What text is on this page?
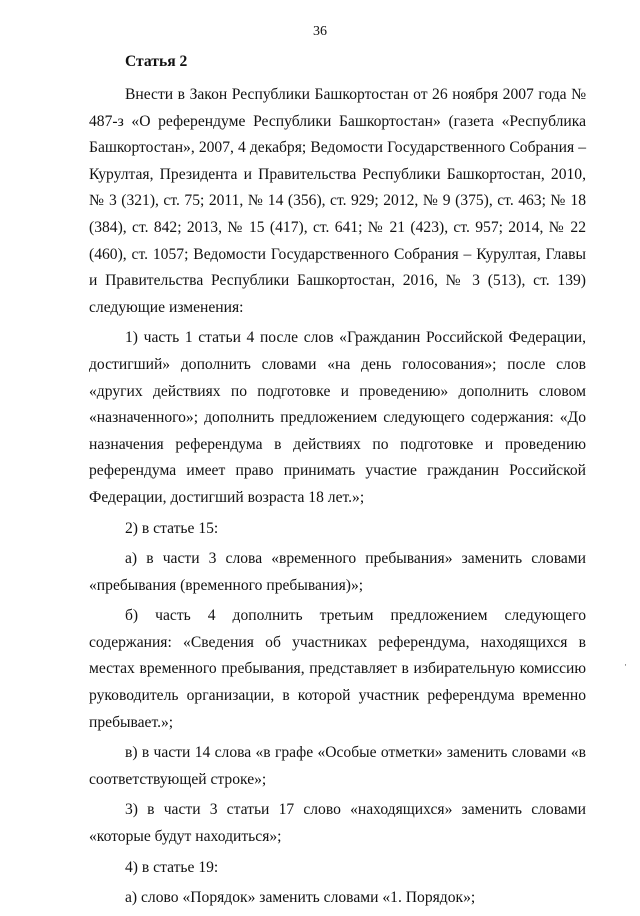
36
Статья 2

Внести в Закон Республики Башкортостан от 26 ноября 2007 года № 487-з «О референдуме Республики Башкортостан» (газета «Республика Башкортостан», 2007, 4 декабря; Ведомости Государственного Собрания – Курултая, Президента и Правительства Республики Башкортостан, 2010, № 3 (321), ст. 75; 2011, № 14 (356), ст. 929; 2012, № 9 (375), ст. 463; № 18 (384), ст. 842; 2013, № 15 (417), ст. 641; № 21 (423), ст. 957; 2014, № 22 (460), ст. 1057; Ведомости Государственного Собрания – Курултая, Главы и Правительства Республики Башкортостан, 2016, № 3 (513), ст. 139) следующие изменения:

1) часть 1 статьи 4 после слов «Гражданин Российской Федерации, достигший» дополнить словами «на день голосования»; после слов «других действиях по подготовке и проведению» дополнить словом «назначенного»; дополнить предложением следующего содержания: «До назначения референдума в действиях по подготовке и проведению референдума имеет право принимать участие гражданин Российской Федерации, достигший возраста 18 лет.»;

2) в статье 15:

а) в части 3 слова «временного пребывания» заменить словами «пребывания (временного пребывания)»;

б) часть 4 дополнить третьим предложением следующего содержания: «Сведения об участниках референдума, находящихся в местах временного пребывания, представляет в избирательную комиссию руководитель организации, в которой участник референдума временно пребывает.»;

в) в части 14 слова «в графе «Особые отметки» заменить словами «в соответствующей строке»;

3) в части 3 статьи 17 слово «находящихся» заменить словами «которые будут находиться»;

4) в статье 19:

а) слово «Порядок» заменить словами «1. Порядок»;

·
